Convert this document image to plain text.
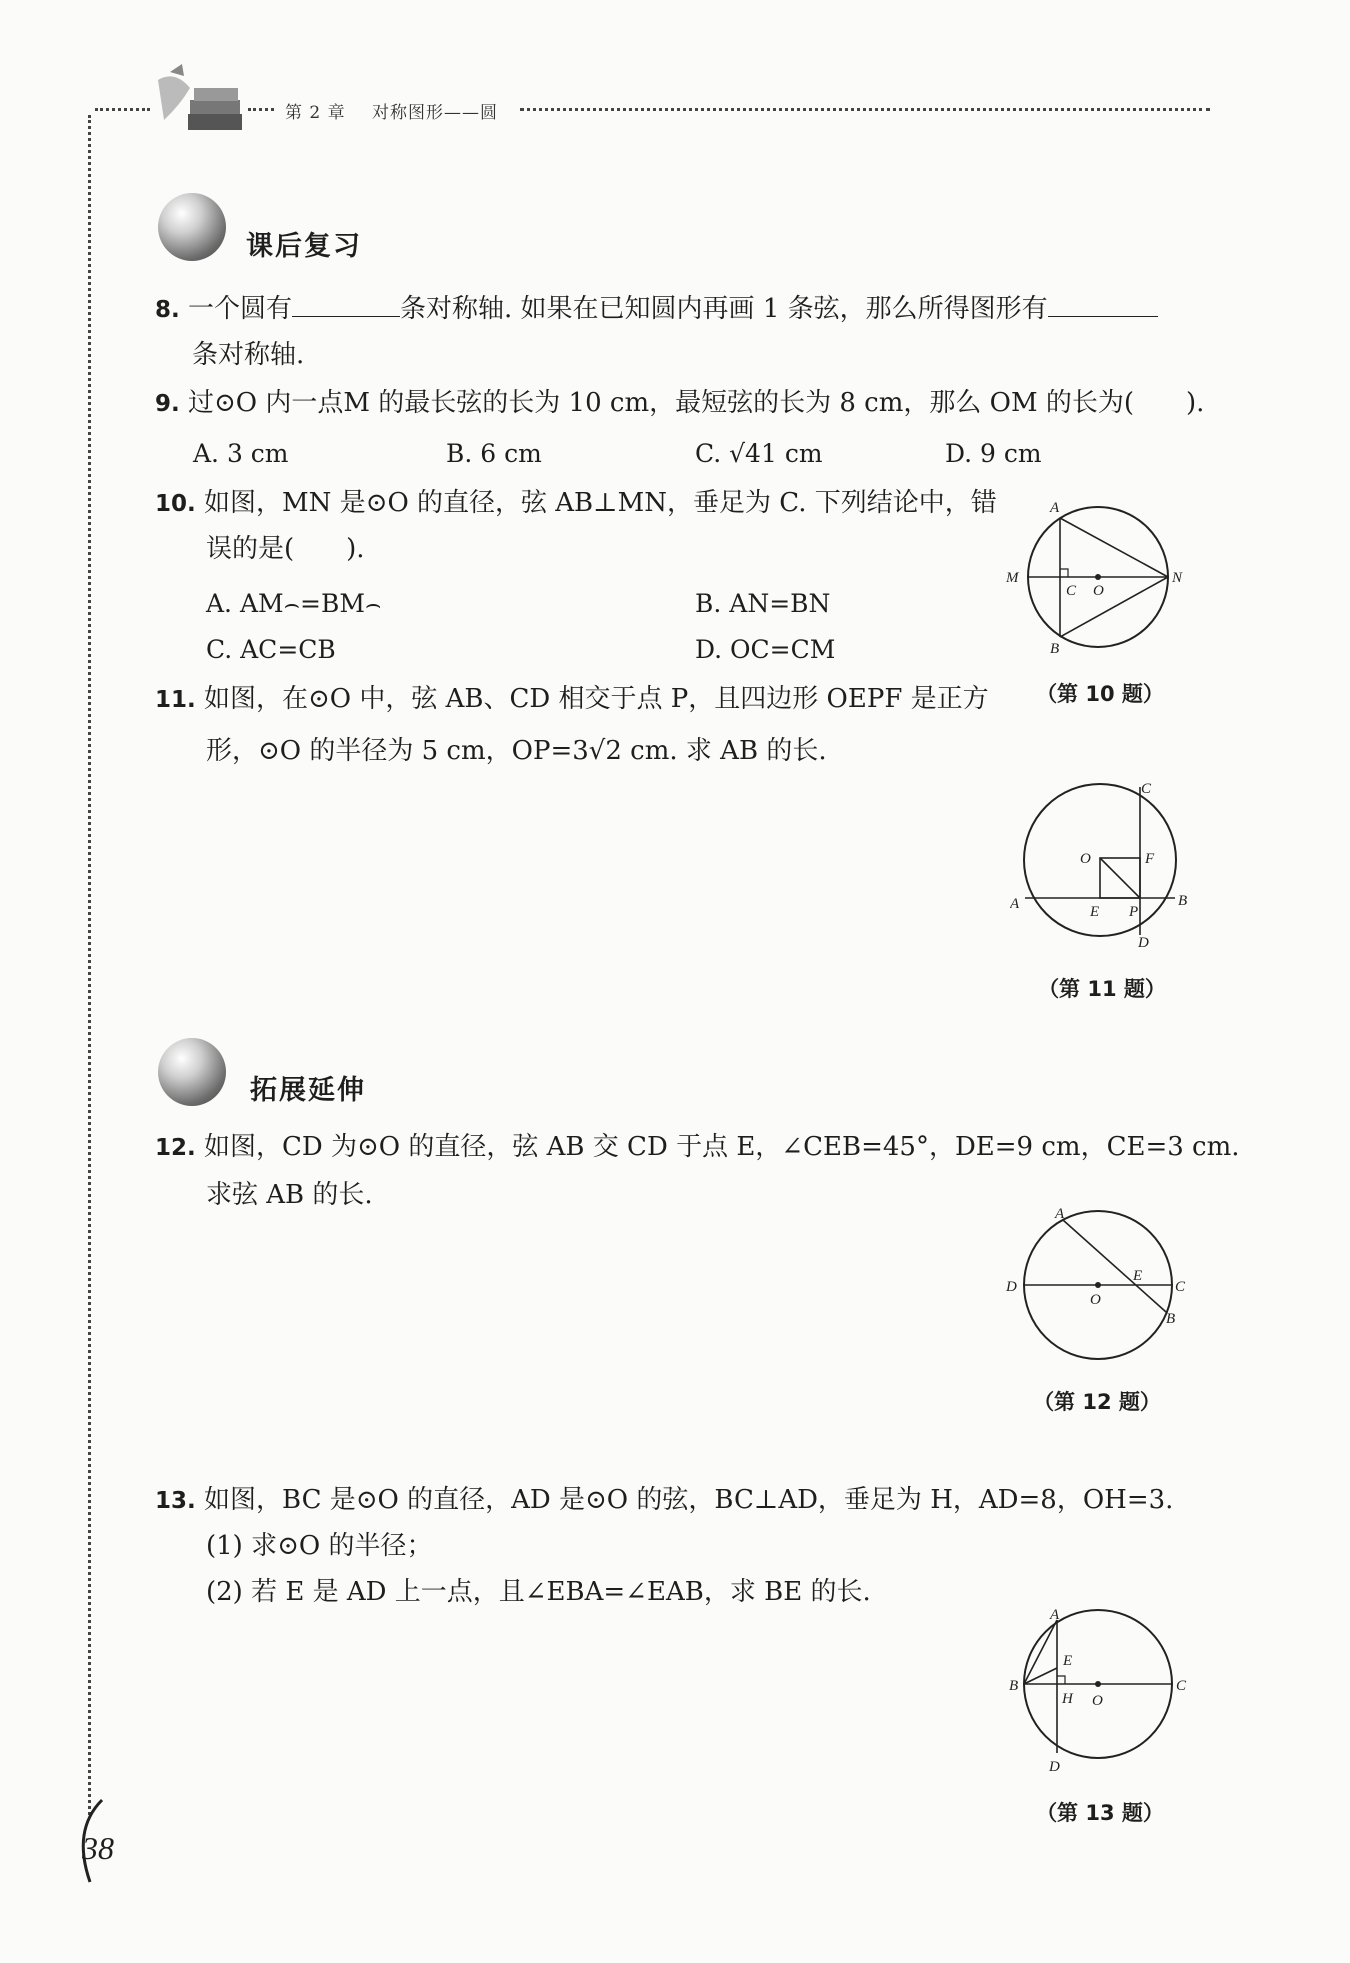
第 2 章 对称图形——圆
课后复习
8. 一个圆有	条对称轴. 如果在已知圆内再画 1 条弦，那么所得图形有
条对称轴.
9. 过⊙O 内一点M 的最长弦的长为 10 cm，最短弦的长为 8 cm，那么 OM 的长为(　　).
A. 3 cm	B. 6 cm	C. √41 cm	D. 9 cm
10. 如图，MN 是⊙O 的直径，弦 AB⊥MN，垂足为 C. 下列结论中，错
误的是(　　).
A. AM⌢=BM⌢	B. AN=BN
C. AC=CB	D. OC=CM
A
M
C O
N
B
（第 10 题）
11. 如图，在⊙O 中，弦 AB、CD 相交于点 P，且四边形 OEPF 是正方
形，⊙O 的半径为 5 cm，OP=3√2 cm. 求 AB 的长.
C
O	F
A	E P
B
D
（第 11 题）
拓展延伸
12. 如图，CD 为⊙O 的直径，弦 AB 交 CD 于点 E，∠CEB=45°，DE=9 cm，CE=3 cm.
求弦 AB 的长.
A
D
E
C
O
B
（第 12 题）
13. 如图，BC 是⊙O 的直径，AD 是⊙O 的弦，BC⊥AD，垂足为 H，AD=8，OH=3.
(1) 求⊙O 的半径；
(2) 若 E 是 AD 上一点，且∠EBA=∠EAB，求 BE 的长.
A
E
B
H O
C
D
（第 13 题）
38
